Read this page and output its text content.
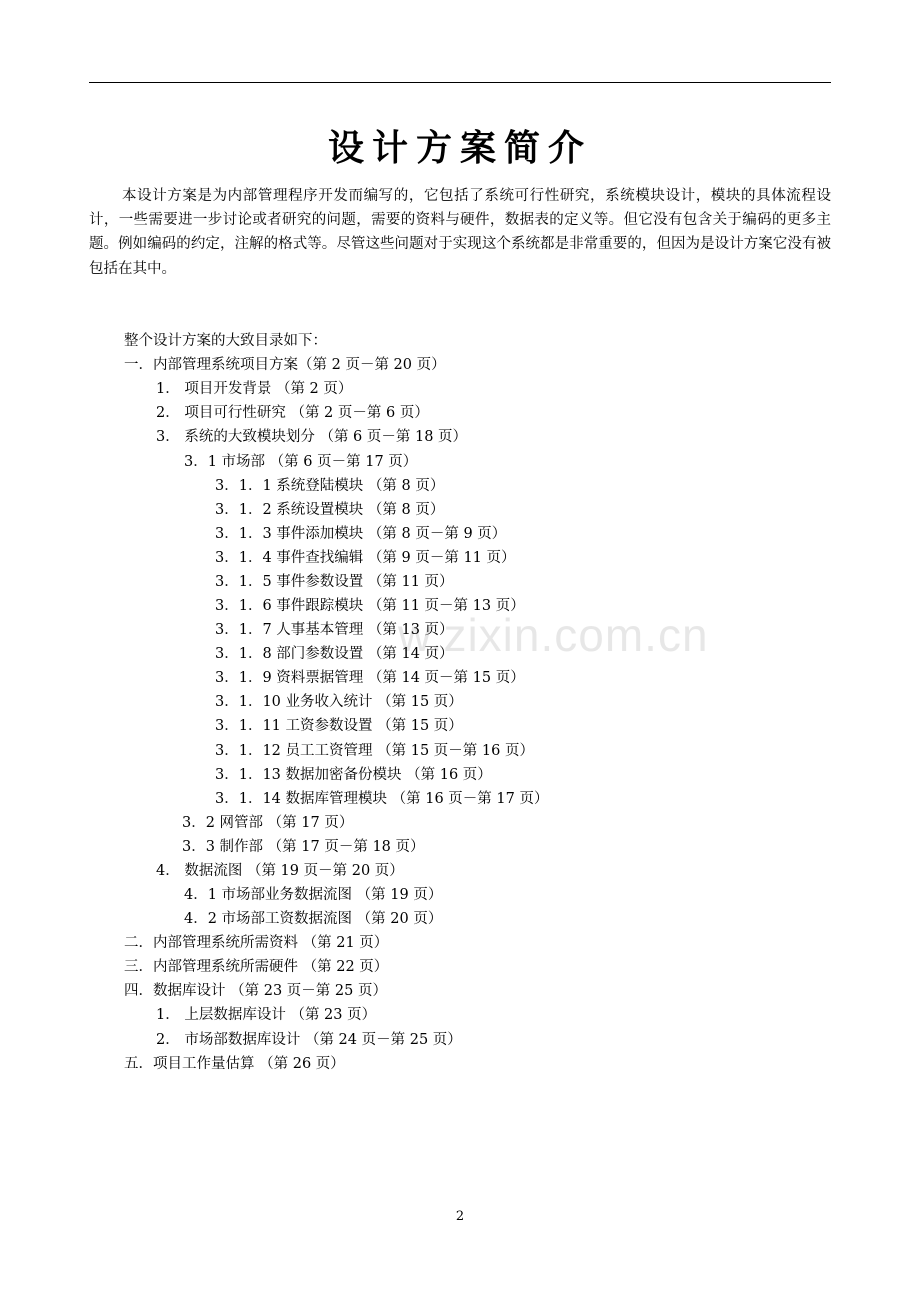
设计方案简介
本设计方案是为内部管理程序开发而编写的，它包括了系统可行性研究，系统模块设计，模块的具体流程设计，一些需要进一步讨论或者研究的问题，需要的资料与硬件，数据表的定义等。但它没有包含关于编码的更多主题。例如编码的约定，注解的格式等。尽管这些问题对于实现这个系统都是非常重要的，但因为是设计方案它没有被包括在其中。
整个设计方案的大致目录如下：
一．内部管理系统项目方案（第 2 页－第 20 页）
1． 项目开发背景 （第 2 页）
2． 项目可行性研究 （第 2 页－第 6 页）
3． 系统的大致模块划分 （第 6 页－第 18 页）
3．1 市场部 （第 6 页－第 17 页）
3．1．1 系统登陆模块 （第 8 页）
3．1．2 系统设置模块 （第 8 页）
3．1．3 事件添加模块 （第 8 页－第 9 页）
3．1．4 事件查找编辑 （第 9 页－第 11 页）
3．1．5 事件参数设置 （第 11 页）
3．1．6 事件跟踪模块 （第 11 页－第 13 页）
3．1．7 人事基本管理 （第 13 页）
3．1．8 部门参数设置 （第 14 页）
3．1．9 资料票据管理 （第 14 页－第 15 页）
3．1．10 业务收入统计 （第 15 页）
3．1．11 工资参数设置 （第 15 页）
3．1．12 员工工资管理 （第 15 页－第 16 页）
3．1．13 数据加密备份模块 （第 16 页）
3．1．14 数据库管理模块 （第 16 页－第 17 页）
3．2 网管部 （第 17 页）
3．3 制作部 （第 17 页－第 18 页）
4． 数据流图 （第 19 页－第 20 页）
4．1 市场部业务数据流图 （第 19 页）
4．2 市场部工资数据流图 （第 20 页）
二．内部管理系统所需资料 （第 21 页）
三．内部管理系统所需硬件 （第 22 页）
四．数据库设计 （第 23 页－第 25 页）
1． 上层数据库设计 （第 23 页）
2． 市场部数据库设计 （第 24 页－第 25 页）
五．项目工作量估算 （第 26 页）
w.zixin.com.cn
2
